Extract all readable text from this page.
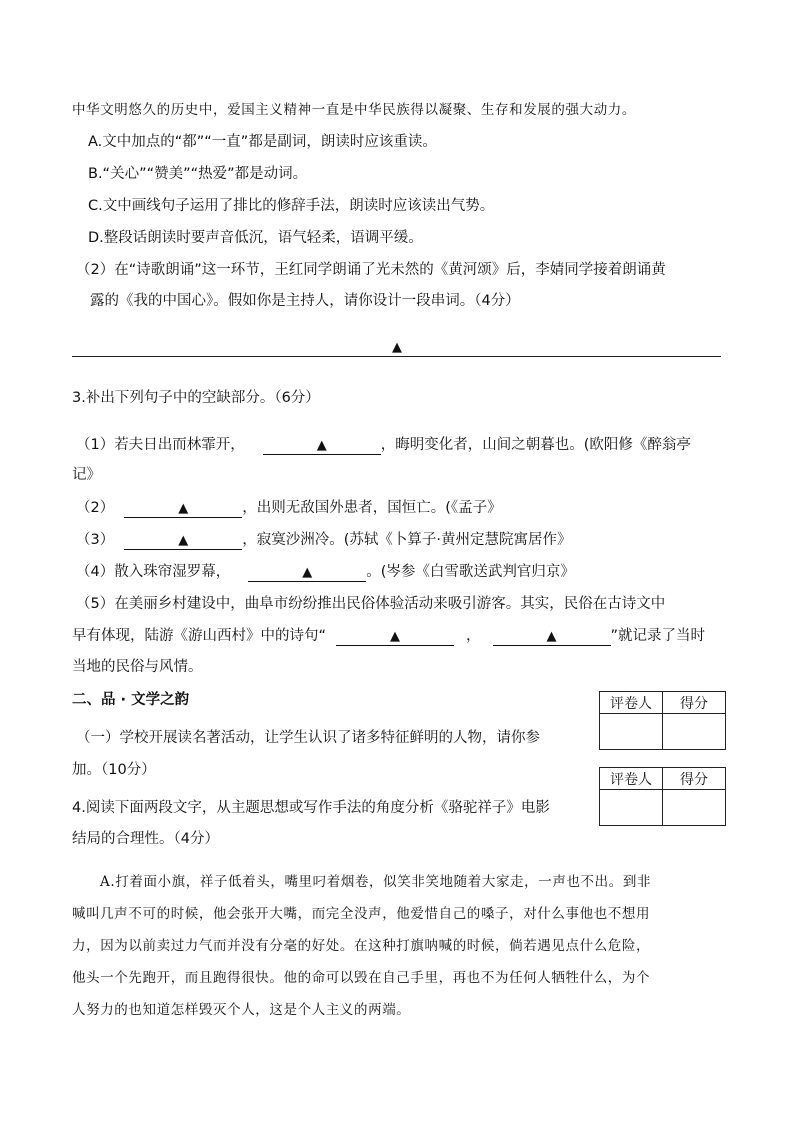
中华文明悠久的历史中，爱国主义精神一直是中华民族得以凝聚、生存和发展的强大动力。
A.文中加点的“都”“一直”都是副词，朗读时应该重读。
B.“关心”“赞美”“热爱”都是动词。
C.文中画线句子运用了排比的修辞手法，朗读时应该读出气势。
D.整段话朗读时要声音低沉，语气轻柔，语调平缓。
（2）在“诗歌朗诵”这一环节，王红同学朗诵了光未然的《黄河颂》后，李婧同学接着朗诵黄
露的《我的中国心》。假如你是主持人，请你设计一段串词。（4分）
▲
3.补出下列句子中的空缺部分。（6分）
（1）若夫日出而林霏开，	▲	，晦明变化者，山间之朝暮也。(欧阳修《醉翁亭
记》
（2）	▲	，出则无敌国外患者，国恒亡。(《孟子》
（3）	▲	，寂寞沙洲冷。(苏轼《卜算子·黄州定慧院寓居作》
（4）散入珠帘湿罗幕，	▲	。(岑参《白雪歌送武判官归京》
（5）在美丽乡村建设中，曲阜市纷纷推出民俗体验活动来吸引游客。其实，民俗在古诗文中
早有体现，陆游《游山西村》中的诗句“	▲	，	▲	”就记录了当时
当地的民俗与风情。
二、品 · 文学之韵
（一）学校开展读名著活动，让学生认识了诸多特征鲜明的人物，请你参
加。（10分）
4.阅读下面两段文字，从主题思想或写作手法的角度分析《骆驼祥子》电影
结局的合理性。（4分）
评卷人	得分

评卷人	得分

A.打着面小旗，祥子低着头，嘴里叼着烟卷，似笑非笑地随着大家走，一声也不出。到非
喊叫几声不可的时候，他会张开大嘴，而完全没声，他爱惜自己的嗓子，对什么事他也不想用
力，因为以前卖过力气而并没有分毫的好处。在这种打旗呐喊的时候，倘若遇见点什么危险，
他头一个先跑开，而且跑得很快。他的命可以毁在自己手里，再也不为任何人牺牲什么，为个
人努力的也知道怎样毁灭个人，这是个人主义的两端。
